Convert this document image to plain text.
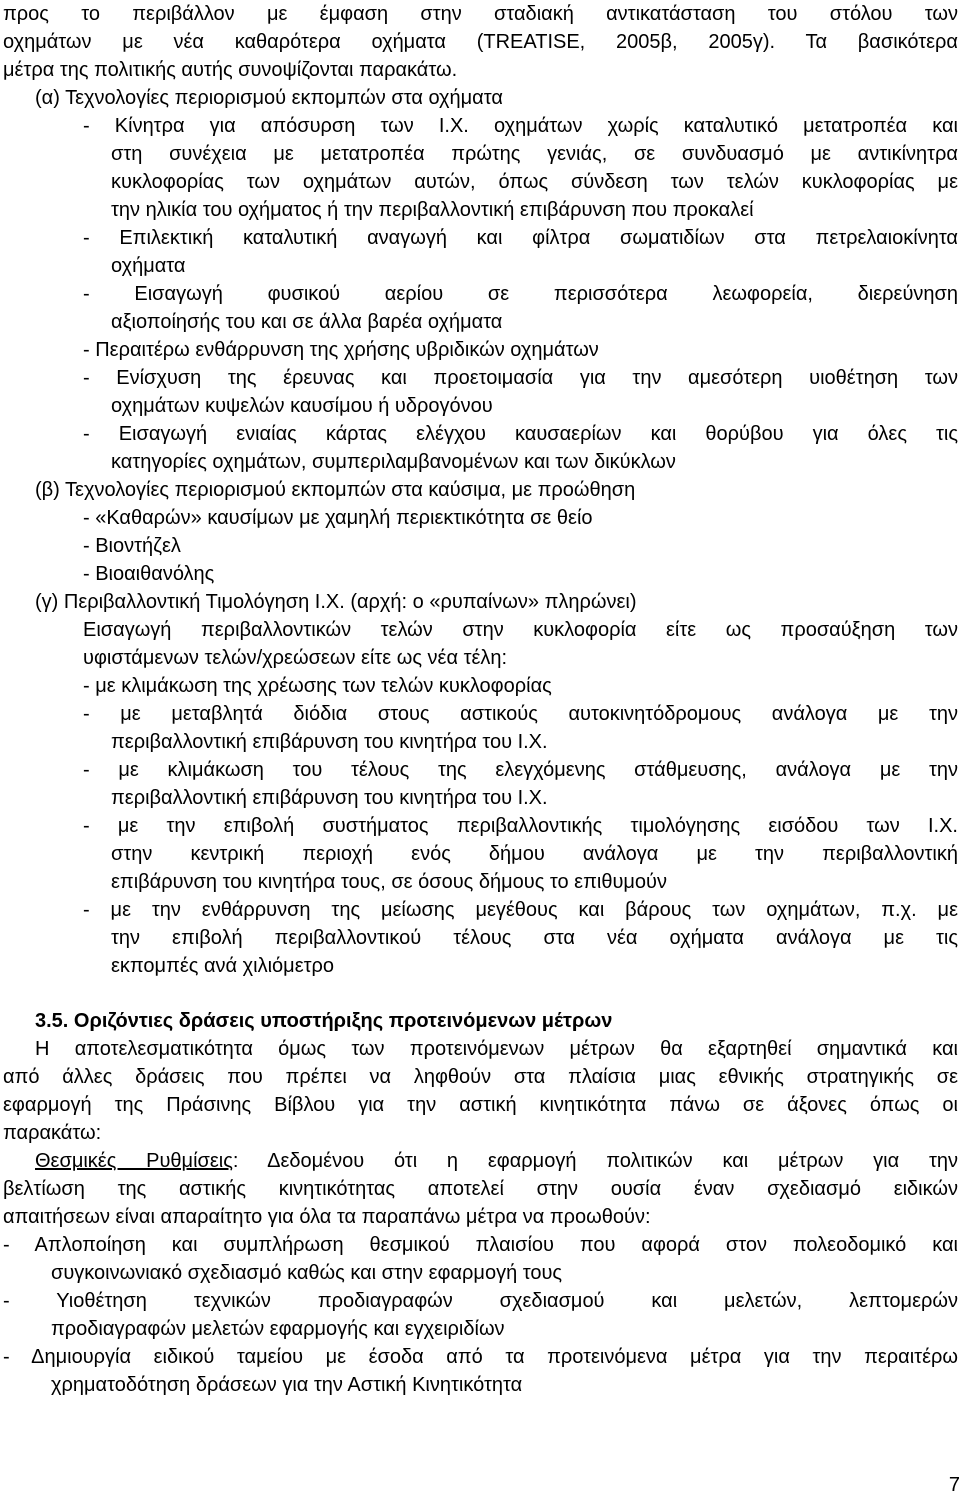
προς το περιβάλλον με έμφαση στην σταδιακή αντικατάσταση του στόλου των
οχημάτων με νέα καθαρότερα οχήματα (TREATISE, 2005β, 2005γ). Τα βασικότερα
μέτρα της πολιτικής αυτής συνοψίζονται παρακάτω.
(α) Τεχνολογίες περιορισμού εκπομπών στα οχήματα
- Κίνητρα για απόσυρση των Ι.Χ. οχημάτων χωρίς καταλυτικό μετατροπέα και
στη συνέχεια με μετατροπέα πρώτης γενιάς, σε συνδυασμό με αντικίνητρα
κυκλοφορίας των οχημάτων αυτών, όπως σύνδεση των τελών κυκλοφορίας με
την ηλικία του οχήματος ή την περιβαλλοντική επιβάρυνση που προκαλεί
- Επιλεκτική καταλυτική αναγωγή και φίλτρα σωματιδίων στα πετρελαιοκίνητα
οχήματα
- Εισαγωγή φυσικού αερίου σε περισσότερα λεωφορεία, διερεύνηση
αξιοποίησής του και σε άλλα βαρέα οχήματα
- Περαιτέρω ενθάρρυνση της χρήσης υβριδικών οχημάτων
- Ενίσχυση της έρευνας και προετοιμασία για την αμεσότερη υιοθέτηση των
οχημάτων κυψελών καυσίμου ή υδρογόνου
- Εισαγωγή ενιαίας κάρτας ελέγχου καυσαερίων και θορύβου για όλες τις
κατηγορίες οχημάτων, συμπεριλαμβανομένων και των δικύκλων
(β) Τεχνολογίες περιορισμού εκπομπών στα καύσιμα, με προώθηση
- «Καθαρών» καυσίμων με χαμηλή περιεκτικότητα σε θείο
- Βιοντήζελ
- Βιοαιθανόλης
(γ) Περιβαλλοντική Τιμολόγηση Ι.Χ. (αρχή: ο «ρυπαίνων» πληρώνει)
Εισαγωγή περιβαλλοντικών τελών στην κυκλοφορία είτε ως προσαύξηση των
υφιστάμενων τελών/χρεώσεων είτε ως νέα τέλη:
- με κλιμάκωση της χρέωσης των τελών κυκλοφορίας
- με μεταβλητά διόδια στους αστικούς αυτοκινητόδρομους ανάλογα με την
περιβαλλοντική επιβάρυνση του κινητήρα του Ι.Χ.
- με κλιμάκωση του τέλους της ελεγχόμενης στάθμευσης, ανάλογα με την
περιβαλλοντική επιβάρυνση του κινητήρα του Ι.Χ.
- με την επιβολή συστήματος περιβαλλοντικής τιμολόγησης εισόδου των Ι.Χ.
στην κεντρική περιοχή ενός δήμου ανάλογα με την περιβαλλοντική
επιβάρυνση του κινητήρα τους, σε όσους δήμους το επιθυμούν
- με την ενθάρρυνση της μείωσης μεγέθους και βάρους των οχημάτων, π.χ. με
την επιβολή περιβαλλοντικού τέλους στα νέα οχήματα ανάλογα με τις
εκπομπές ανά χιλιόμετρο
3.5. Οριζόντιες δράσεις υποστήριξης προτεινόμενων μέτρων
Η αποτελεσματικότητα όμως των προτεινόμενων μέτρων θα εξαρτηθεί σημαντικά και
από άλλες δράσεις που πρέπει να ληφθούν στα πλαίσια μιας εθνικής στρατηγικής σε
εφαρμογή της Πράσινης Βίβλου για την αστική κινητικότητα πάνω σε άξονες όπως οι
παρακάτω:
Θεσμικές Ρυθμίσεις: Δεδομένου ότι η εφαρμογή πολιτικών και μέτρων για την
βελτίωση της αστικής κινητικότητας αποτελεί στην ουσία έναν σχεδιασμό ειδικών
απαιτήσεων είναι απαραίτητο για όλα τα παραπάνω μέτρα να προωθούν:
- Απλοποίηση και συμπλήρωση θεσμικού πλαισίου που αφορά στον πολεοδομικό και
συγκοινωνιακό σχεδιασμό καθώς και στην εφαρμογή τους
- Υιοθέτηση τεχνικών προδιαγραφών σχεδιασμού και μελετών, λεπτομερών
προδιαγραφών μελετών εφαρμογής και εγχειριδίων
- Δημιουργία ειδικού ταμείου με έσοδα από τα προτεινόμενα μέτρα για την περαιτέρω
χρηματοδότηση δράσεων για την Αστική Κινητικότητα
7
